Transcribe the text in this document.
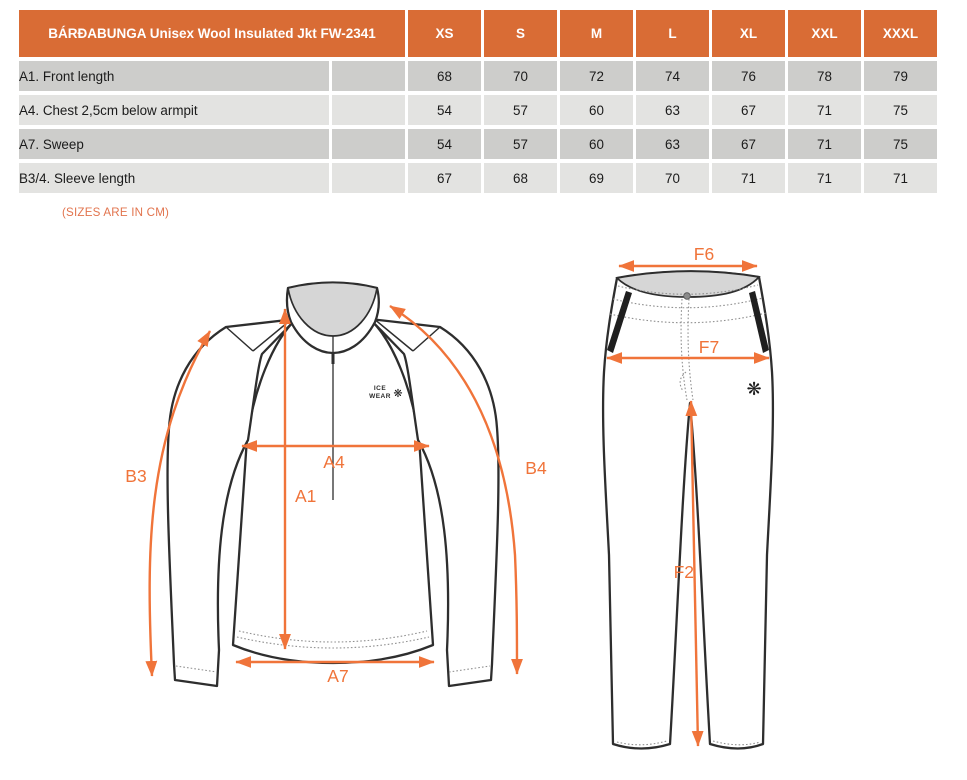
BÁRÐABUNGA Unisex Wool Insulated Jkt FW-2341		XS	S	M	L	XL	XXL	XXXL
A1. Front length		68	70	72	74	76	78	79
A4. Chest 2,5cm below armpit		54	57	60	63	67	71	75
A7. Sweep		54	57	60	63	67	71	75
B3/4. Sleeve length		67	68	69	70	71	71	71
(SIZES ARE IN CM)
ICE
WEAR ❋
B3	B4
A4
A1
A7
❋
F6
F7
F2
